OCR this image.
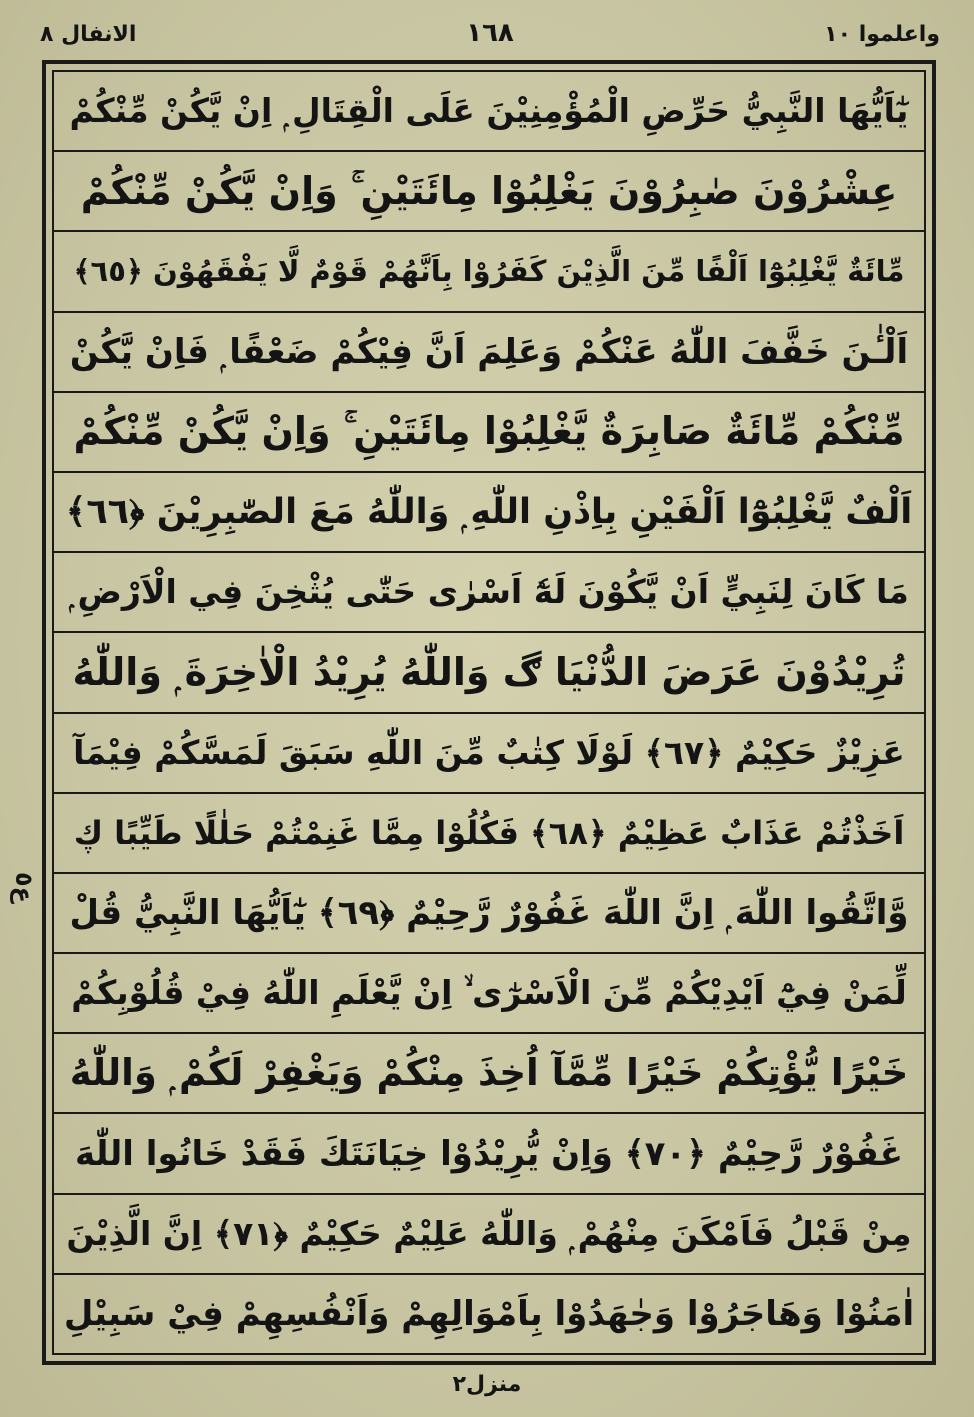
واعلموا ١٠
١٦٨
الانفال ٨
ع٥
يٰٓاَيُّهَا النَّبِيُّ حَرِّضِ الْمُؤْمِنِيْنَ عَلَى الْقِتَالِ ۭ اِنْ يَّكُنْ مِّنْكُمْ
عِشْرُوْنَ صٰبِرُوْنَ يَغْلِبُوْا مِائَتَيْنِ ۚ وَاِنْ يَّكُنْ مِّنْكُمْ
مِّائَةٌ يَّغْلِبُوْٓا اَلْفًا مِّنَ الَّذِيْنَ كَفَرُوْا بِاَنَّهُمْ قَوْمٌ لَّا يَفْقَهُوْنَ ﴿٦٥﴾
اَلْـٰٔنَ خَفَّفَ اللّٰهُ عَنْكُمْ وَعَلِمَ اَنَّ فِيْكُمْ ضَعْفًا ۭ فَاِنْ يَّكُنْ
مِّنْكُمْ مِّائَةٌ صَابِرَةٌ يَّغْلِبُوْا مِائَتَيْنِ ۚ وَاِنْ يَّكُنْ مِّنْكُمْ
اَلْفٌ يَّغْلِبُوْٓا اَلْفَيْنِ بِاِذْنِ اللّٰهِ ۭ وَاللّٰهُ مَعَ الصّٰبِرِيْنَ ﴿٦٦﴾
مَا كَانَ لِنَبِيٍّ اَنْ يَّكُوْنَ لَهٗٓ اَسْرٰى حَتّٰى يُثْخِنَ فِي الْاَرْضِ ۭ
تُرِيْدُوْنَ عَرَضَ الدُّنْيَا ڰ وَاللّٰهُ يُرِيْدُ الْاٰخِرَةَ ۭ وَاللّٰهُ
عَزِيْزٌ حَكِيْمٌ ﴿٦٧﴾ لَوْلَا كِتٰبٌ مِّنَ اللّٰهِ سَبَقَ لَمَسَّكُمْ فِيْمَآ
اَخَذْتُمْ عَذَابٌ عَظِيْمٌ ﴿٦٨﴾ فَكُلُوْا مِمَّا غَنِمْتُمْ حَلٰلًا طَيِّبًا ڮ
وَّاتَّقُوا اللّٰهَ ۭ اِنَّ اللّٰهَ غَفُوْرٌ رَّحِيْمٌ ﴿٦٩﴾ يٰٓاَيُّهَا النَّبِيُّ قُلْ
لِّمَنْ فِيْٓ اَيْدِيْكُمْ مِّنَ الْاَسْرٰٓى ۙ اِنْ يَّعْلَمِ اللّٰهُ فِيْ قُلُوْبِكُمْ
خَيْرًا يُّؤْتِكُمْ خَيْرًا مِّمَّآ اُخِذَ مِنْكُمْ وَيَغْفِرْ لَكُمْ ۭ وَاللّٰهُ
غَفُوْرٌ رَّحِيْمٌ ﴿٧٠﴾ وَاِنْ يُّرِيْدُوْا خِيَانَتَكَ فَقَدْ خَانُوا اللّٰهَ
مِنْ قَبْلُ فَاَمْكَنَ مِنْهُمْ ۭ وَاللّٰهُ عَلِيْمٌ حَكِيْمٌ ﴿٧١﴾ اِنَّ الَّذِيْنَ
اٰمَنُوْا وَهَاجَرُوْا وَجٰهَدُوْا بِاَمْوَالِهِمْ وَاَنْفُسِهِمْ فِيْ سَبِيْلِ
منزل٢
